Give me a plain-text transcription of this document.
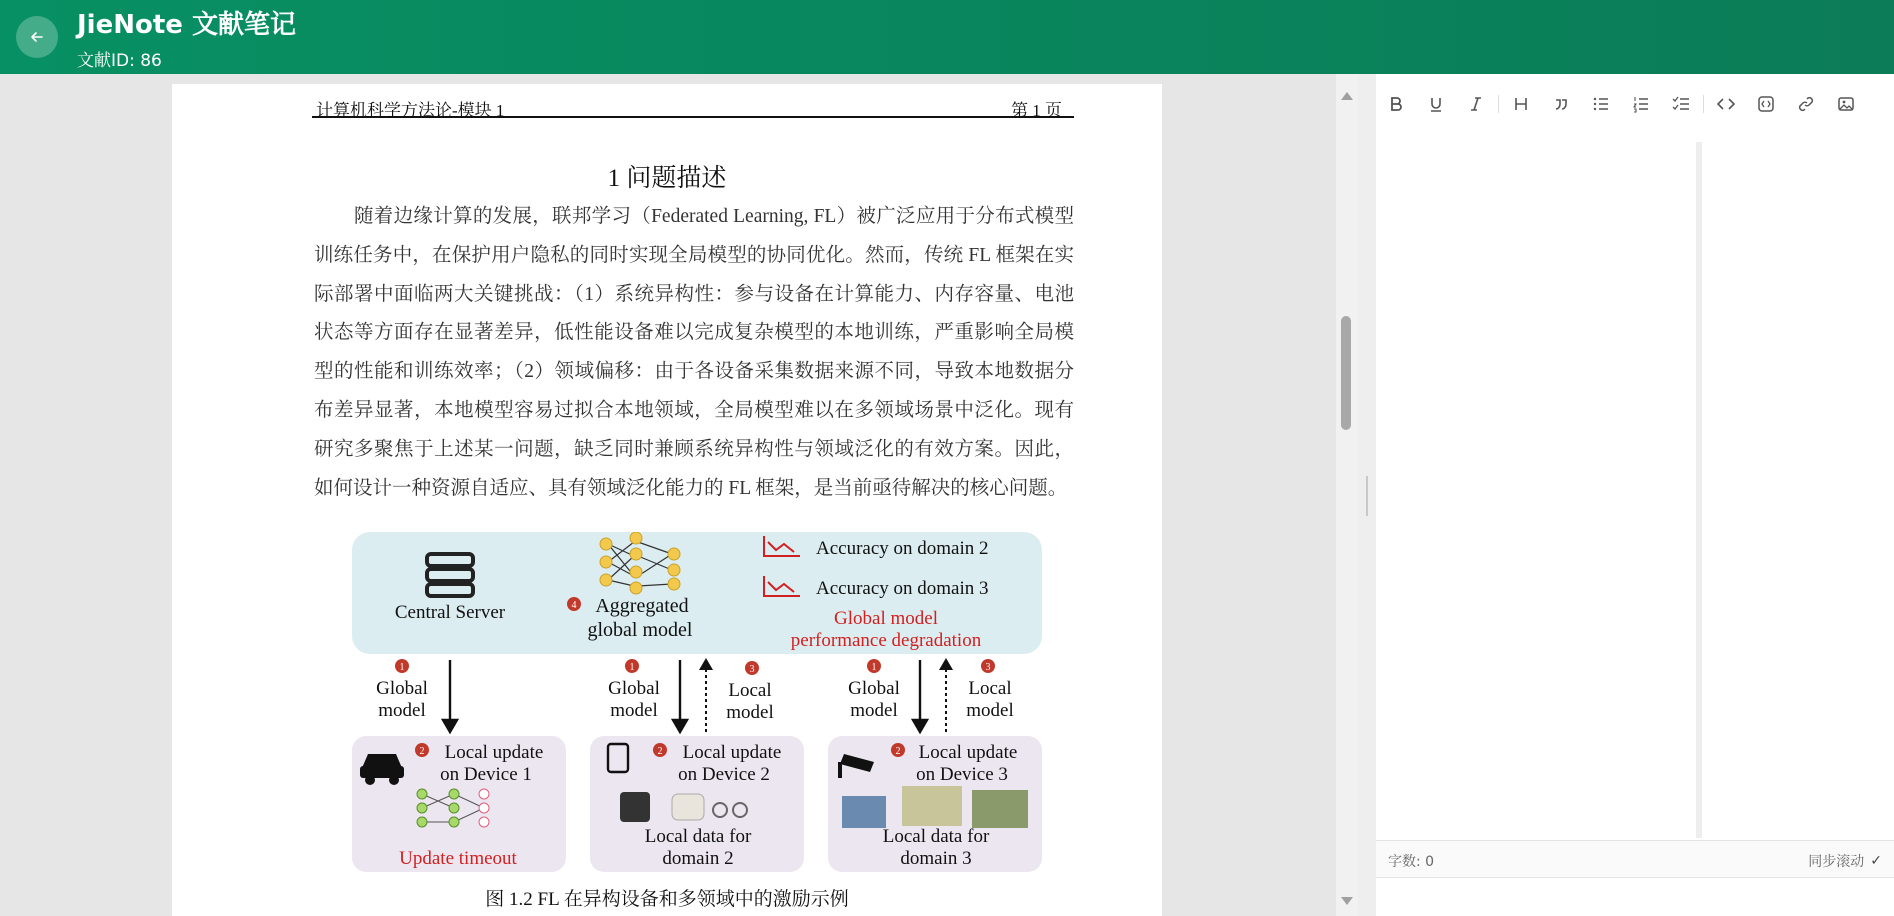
JieNote 文献笔记
文献ID: 86
计算机科学方法论-模块 1	第 1 页
1 问题描述
随着边缘计算的发展，联邦学习（Federated Learning, FL）被广泛应用于分布式模型训练任务中，在保护用户隐私的同时实现全局模型的协同优化。然而，传统 FL 框架在实际部署中面临两大关键挑战：（1）系统异构性：参与设备在计算能力、内存容量、电池状态等方面存在显著差异，低性能设备难以完成复杂模型的本地训练，严重影响全局模型的性能和训练效率；（2）领域偏移：由于各设备采集数据来源不同，导致本地数据分布差异显著，本地模型容易过拟合本地领域，全局模型难以在多领域场景中泛化。现有研究多聚焦于上述某一问题，缺乏同时兼顾系统异构性与领域泛化的有效方案。因此，如何设计一种资源自适应、具有领域泛化能力的 FL 框架，是当前亟待解决的核心问题。
Central Server	4 Aggregated
global model
Accuracy on domain 2
Accuracy on domain 3
Global model
performance degradation
1	1	1
3	3
Global
model
Global
model
Global
model
Local
model
Local
model
2	2	2
Local update
on Device 1
Local update
on Device 2
Local update
on Device 3
Update timeout
Local data for
domain 2
Local data for
domain 3
图 1.2 FL 在异构设备和多领域中的激励示例
字数: 0	同步滚动 ✓
